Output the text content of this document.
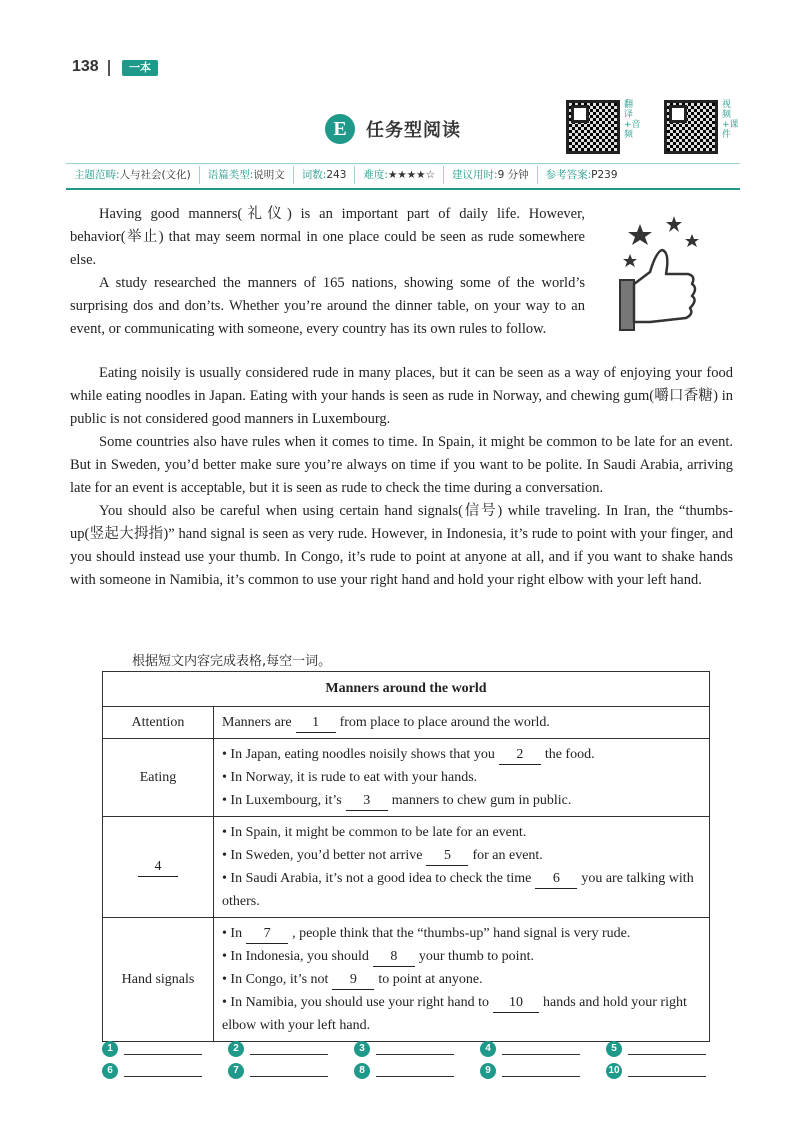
138	一本
E	任务型阅读
翻译+音频
视频+课件
主题范畴:人与社会(文化)	语篇类型:说明文	词数:243	难度:★★★★☆	建议用时:9 分钟	参考答案:P239

Having good manners(礼仪) is an important part of daily life. However, behavior(举止) that may seem normal in one place could be seen as rude somewhere else.

A study researched the manners of 165 nations, showing some of the world’s surprising dos and don’ts. Whether you’re around the dinner table, on your way to an event, or communicating with someone, every country has its own rules to follow.

Eating noisily is usually considered rude in many places, but it can be seen as a way of enjoying your food while eating noodles in Japan. Eating with your hands is seen as rude in Norway, and chewing gum(嚼口香糖) in public is not considered good manners in Luxembourg.

Some countries also have rules when it comes to time. In Spain, it might be common to be late for an event. But in Sweden, you’d better make sure you’re always on time if you want to be polite. In Saudi Arabia, arriving late for an event is acceptable, but it is seen as rude to check the time during a conversation.

You should also be careful when using certain hand signals(信号) while traveling. In Iran, the “thumbs-up(竖起大拇指)” hand signal is seen as very rude. However, in Indonesia, it’s rude to point with your finger, and you should instead use your thumb. In Congo, it’s rude to point at anyone at all, and if you want to shake hands with someone in Namibia, it’s common to use your right hand and hold your right elbow with your left hand.

根据短文内容完成表格,每空一词。
Manners around the world	
Attention	Manners are 1 from place to place around the world.
Eating	• In Japan, eating noodles noisily shows that you 2 the food.
• In Norway, it is rude to eat with your hands.
• In Luxembourg, it’s 3 manners to chew gum in public.

4	• In Spain, it might be common to be late for an event.
• In Sweden, you’d better not arrive 5 for an event.
• In Saudi Arabia, it’s not a good idea to check the time 6 you are talking with others.

Hand signals	• In 7 , people think that the “thumbs-up” hand signal is very rude.
• In Indonesia, you should 8 your thumb to point.
• In Congo, it’s not 9 to point at anyone.
• In Namibia, you should use your right hand to 10 hands and hold your right elbow with your left hand.
1	2	3	4	5
6	7	8	9	10
